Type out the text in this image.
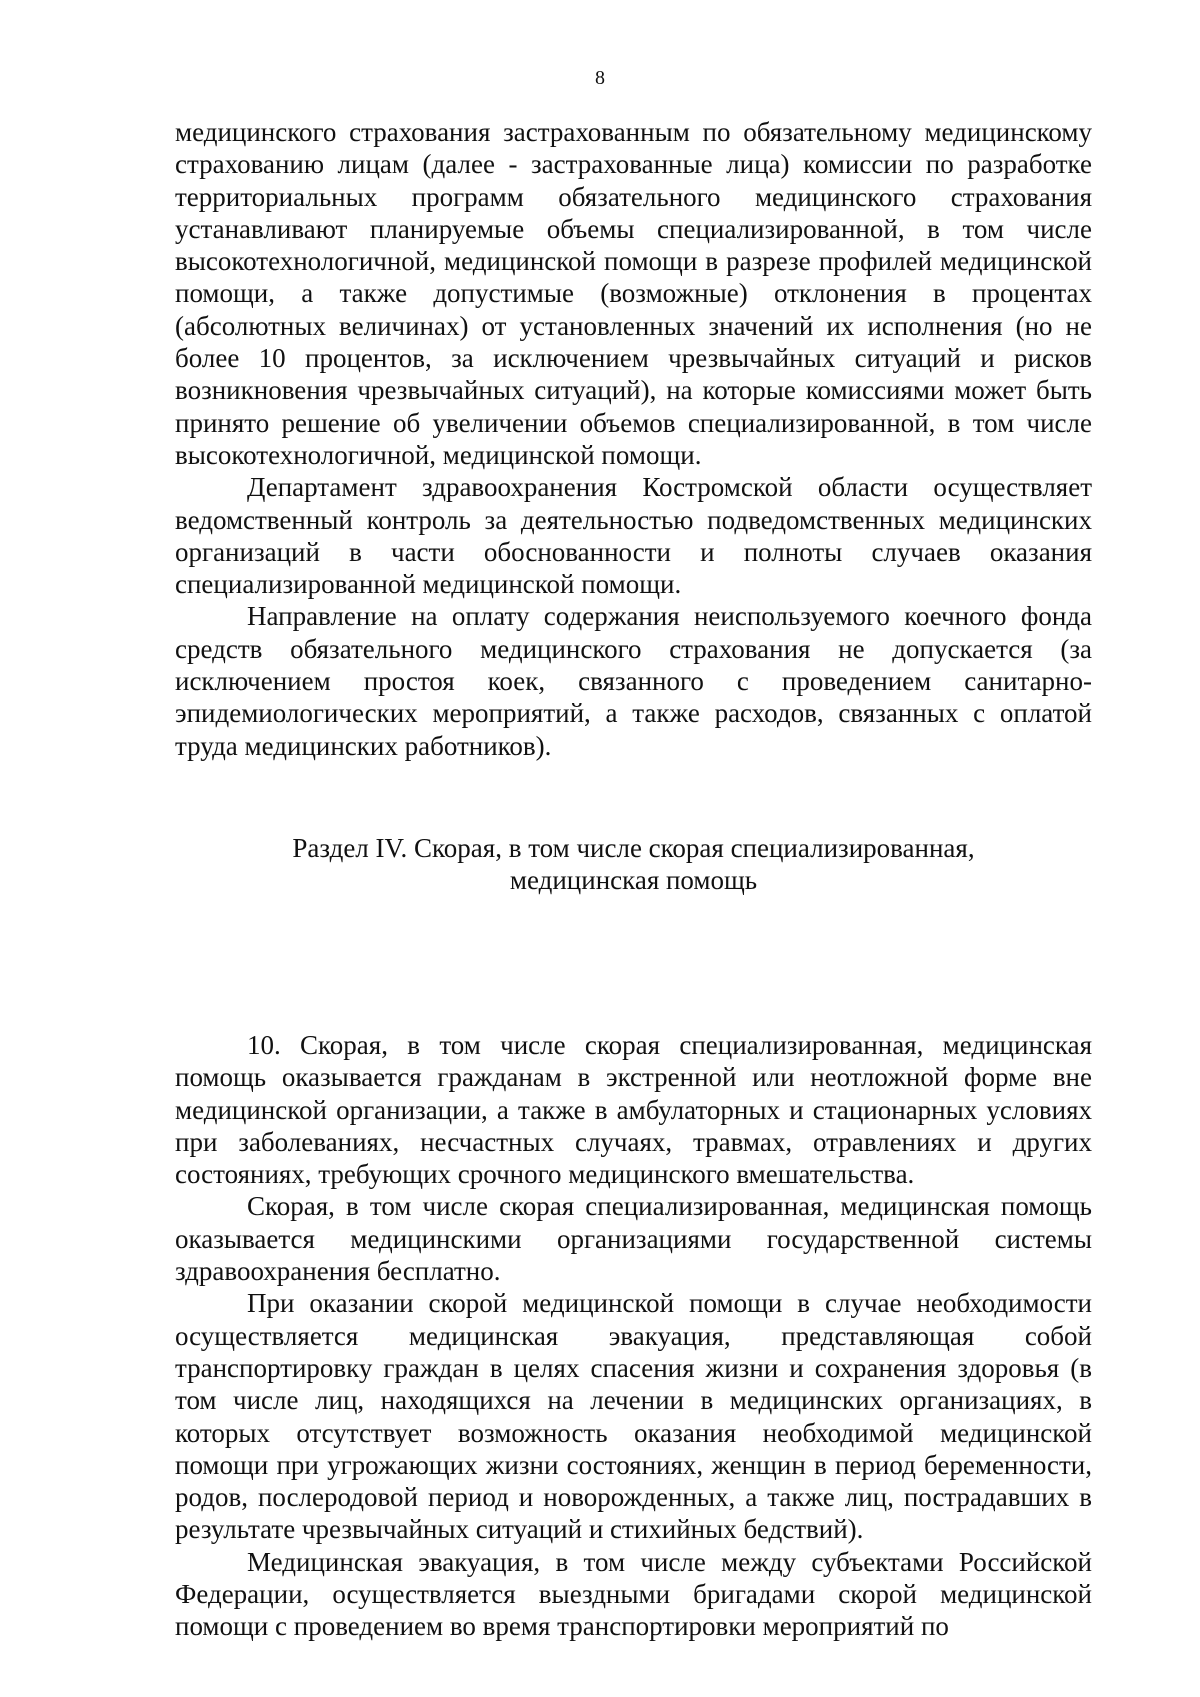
8

медицинского страхования застрахованным по обязательному медицинскому страхованию лицам (далее - застрахованные лица) комиссии по разработке территориальных программ обязательного медицинского страхования устанавливают планируемые объемы специализированной, в том числе высокотехнологичной, медицинской помощи в разрезе профилей медицинской помощи, а также допустимые (возможные) отклонения в процентах (абсолютных величинах) от установленных значений их исполнения (но не более 10 процентов, за исключением чрезвычайных ситуаций и рисков возникновения чрезвычайных ситуаций), на которые комиссиями может быть принято решение об увеличении объемов специализированной, в том числе высокотехнологичной, медицинской помощи.

Департамент здравоохранения Костромской области осуществляет ведомственный контроль за деятельностью подведомственных медицинских организаций в части обоснованности и полноты случаев оказания специализированной медицинской помощи.

Направление на оплату содержания неиспользуемого коечного фонда средств обязательного медицинского страхования не допускается (за исключением простоя коек, связанного с проведением санитарно-эпидемиологических мероприятий, а также расходов, связанных с оплатой труда медицинских работников).

Раздел IV. Скорая, в том числе скорая специализированная,
медицинская помощь

10. Скорая, в том числе скорая специализированная, медицинская помощь оказывается гражданам в экстренной или неотложной форме вне медицинской организации, а также в амбулаторных и стационарных условиях при заболеваниях, несчастных случаях, травмах, отравлениях и других состояниях, требующих срочного медицинского вмешательства.

Скорая, в том числе скорая специализированная, медицинская помощь оказывается медицинскими организациями государственной системы здравоохранения бесплатно.

При оказании скорой медицинской помощи в случае необходимости осуществляется медицинская эвакуация, представляющая собой транспортировку граждан в целях спасения жизни и сохранения здоровья (в том числе лиц, находящихся на лечении в медицинских организациях, в которых отсутствует возможность оказания необходимой медицинской помощи при угрожающих жизни состояниях, женщин в период беременности, родов, послеродовой период и новорожденных, а также лиц, пострадавших в результате чрезвычайных ситуаций и стихийных бедствий).

Медицинская эвакуация, в том числе между субъектами Российской Федерации, осуществляется выездными бригадами скорой медицинской помощи с проведением во время транспортировки мероприятий по
